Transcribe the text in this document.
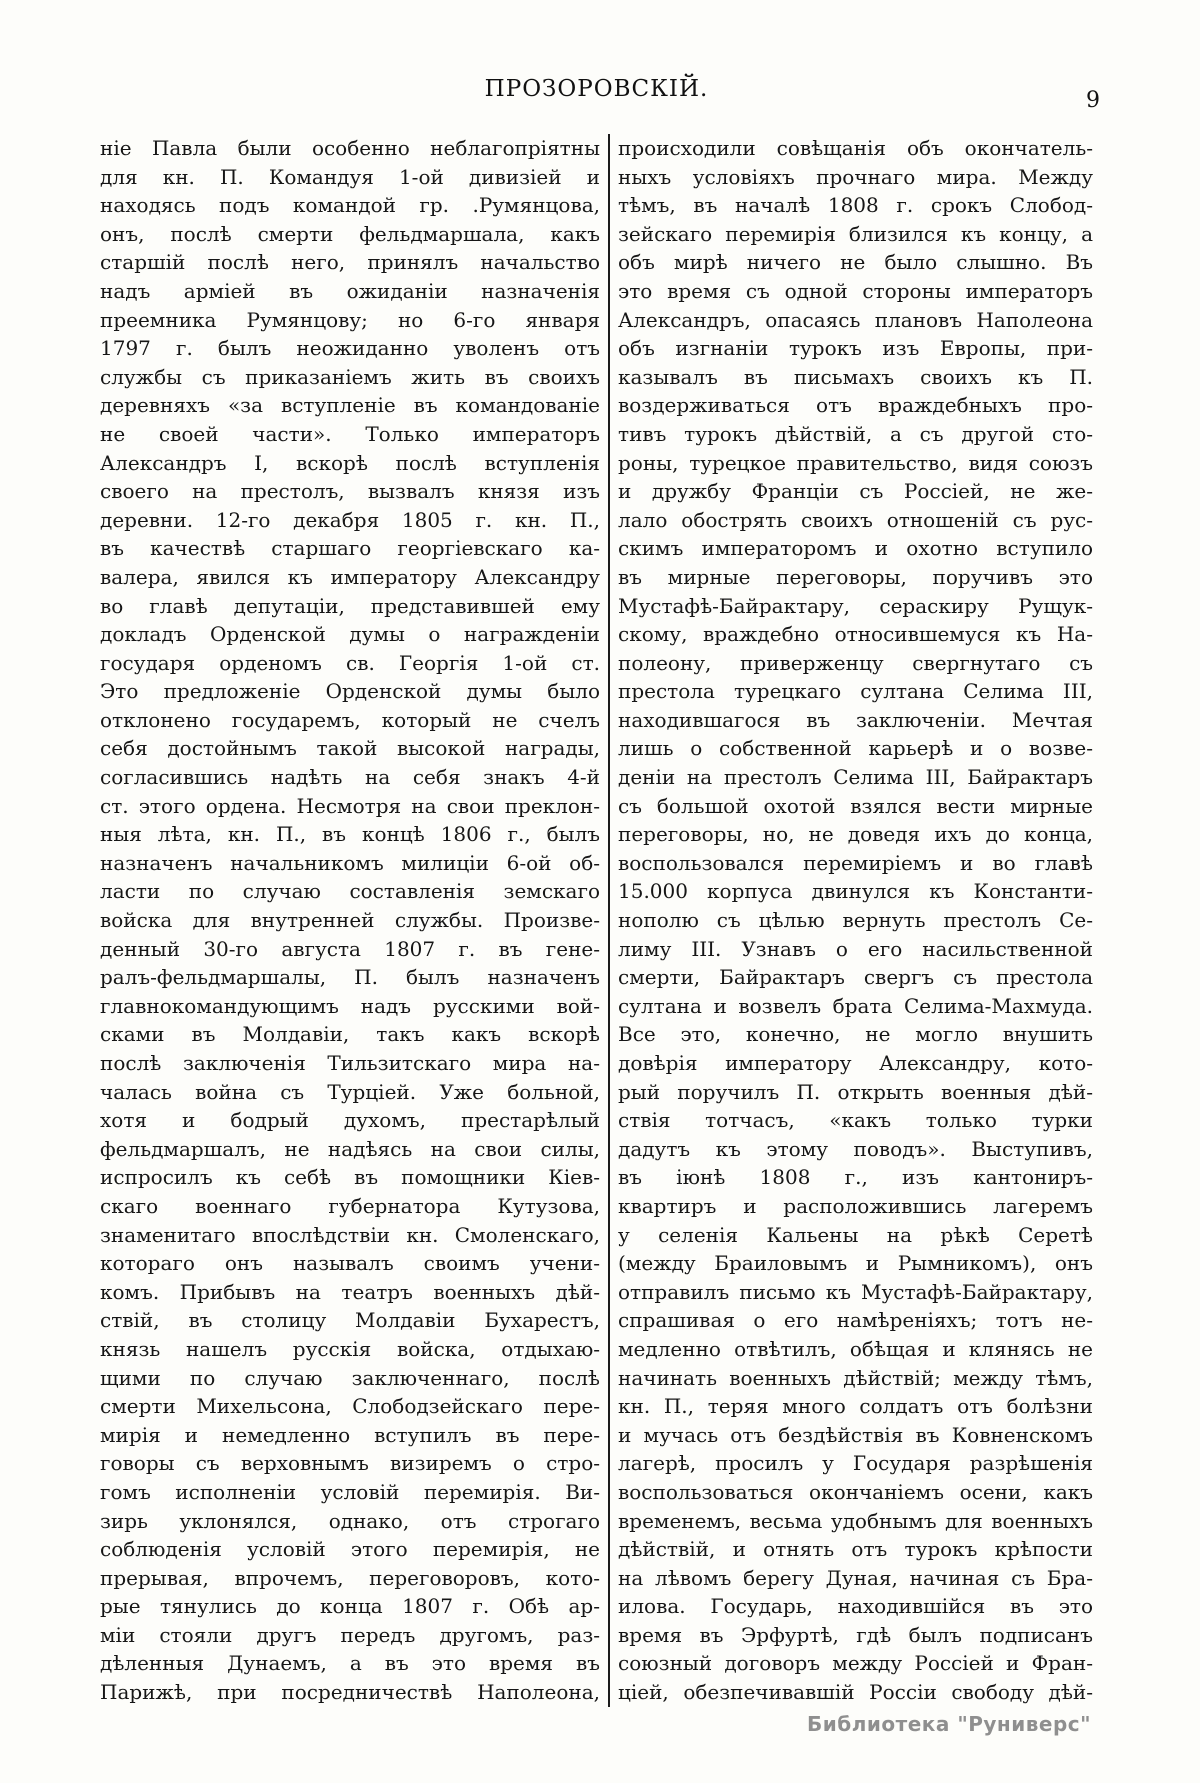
ПРОЗОРОВСКІЙ.	9
ніе Павла были особенно неблагопріятны
для кн. П. Командуя 1-ой дивизіей и
находясь подъ командой гр. .Румянцова,
онъ, послѣ смерти фельдмаршала, какъ
старшій послѣ него, принялъ начальство
надъ арміей въ ожиданіи назначенія
преемника Румянцову; но 6-го января
1797 г. былъ неожиданно уволенъ отъ
службы съ приказаніемъ жить въ своихъ
деревняхъ «за вступленіе въ командованіе
не своей части». Только императоръ
Александръ I, вскорѣ послѣ вступленія
своего на престолъ, вызвалъ князя изъ
деревни. 12-го декабря 1805 г. кн. П.,
въ качествѣ старшаго георгіевскаго ка-
валера, явился къ императору Александру
во главѣ депутаціи, представившей ему
докладъ Орденской думы о награжденіи
государя орденомъ св. Георгія 1-ой ст.
Это предложеніе Орденской думы было
отклонено государемъ, который не счелъ
себя достойнымъ такой высокой награды,
согласившись надѣть на себя знакъ 4-й
ст. этого ордена. Несмотря на свои преклон-
ныя лѣта, кн. П., въ концѣ 1806 г., былъ
назначенъ начальникомъ милиціи 6-ой об-
ласти по случаю составленія земскаго
войска для внутренней службы. Произве-
денный 30-го августа 1807 г. въ гене-
ралъ-фельдмаршалы, П. былъ назначенъ
главнокомандующимъ надъ русскими вой-
сками въ Молдавіи, такъ какъ вскорѣ
послѣ заключенія Тильзитскаго мира на-
чалась война съ Турціей. Уже больной,
хотя и бодрый духомъ, престарѣлый
фельдмаршалъ, не надѣясь на свои силы,
испросилъ къ себѣ въ помощники Кіев-
скаго военнаго губернатора Кутузова,
знаменитаго впослѣдствіи кн. Смоленскаго,
котораго онъ называлъ своимъ учени-
комъ. Прибывъ на театръ военныхъ дѣй-
ствій, въ столицу Молдавіи Бухарестъ,
князь нашелъ русскія войска, отдыхаю-
щими по случаю заключеннаго, послѣ
смерти Михельсона, Слободзейскаго пере-
мирія и немедленно вступилъ въ пере-
говоры съ верховнымъ визиремъ о стро-
гомъ исполненіи условій перемирія. Ви-
зирь уклонялся, однако, отъ строгаго
соблюденія условій этого перемирія, не
прерывая, впрочемъ, переговоровъ, кото-
рые тянулись до конца 1807 г. Обѣ ар-
міи стояли другъ передъ другомъ, раз-
дѣленныя Дунаемъ, а въ это время въ
Парижѣ, при посредничествѣ Наполеона,
происходили совѣщанія объ окончатель-
ныхъ условіяхъ прочнаго мира. Между
тѣмъ, въ началѣ 1808 г. срокъ Слобод-
зейскаго перемирія близился къ концу, а
объ мирѣ ничего не было слышно. Въ
это время съ одной стороны императоръ
Александръ, опасаясь плановъ Наполеона
объ изгнаніи турокъ изъ Европы, при-
казывалъ въ письмахъ своихъ къ П.
воздерживаться отъ враждебныхъ про-
тивъ турокъ дѣйствій, а съ другой сто-
роны, турецкое правительство, видя союзъ
и дружбу Франціи съ Россіей, не же-
лало обострять своихъ отношеній съ рус-
скимъ императоромъ и охотно вступило
въ мирные переговоры, поручивъ это
Мустафѣ-Байрактару, сераскиру Рущук-
скому, враждебно относившемуся къ На-
полеону, приверженцу свергнутаго съ
престола турецкаго султана Селима III,
находившагося въ заключеніи. Мечтая
лишь о собственной карьерѣ и о возве-
деніи на престолъ Селима III, Байрактаръ
съ большой охотой взялся вести мирные
переговоры, но, не доведя ихъ до конца,
воспользовался перемиріемъ и во главѣ
15.000 корпуса двинулся къ Константи-
нополю съ цѣлью вернуть престолъ Се-
лиму III. Узнавъ о его насильственной
смерти, Байрактаръ свергъ съ престола
султана и возвелъ брата Селима-Махмуда.
Все это, конечно, не могло внушить
довѣрія императору Александру, кото-
рый поручилъ П. открыть военныя дѣй-
ствія тотчасъ, «какъ только турки
дадутъ къ этому поводъ». Выступивъ,
въ іюнѣ 1808 г., изъ кантониръ-
квартиръ и расположившись лагеремъ
у селенія Кальены на рѣкѣ Серетѣ
(между Браиловымъ и Рымникомъ), онъ
отправилъ письмо къ Мустафѣ-Байрактару,
спрашивая о его намѣреніяхъ; тотъ не-
медленно отвѣтилъ, обѣщая и клянясь не
начинать военныхъ дѣйствій; между тѣмъ,
кн. П., теряя много солдатъ отъ болѣзни
и мучась отъ бездѣйствія въ Ковненскомъ
лагерѣ, просилъ у Государя разрѣшенія
воспользоваться окончаніемъ осени, какъ
временемъ, весьма удобнымъ для военныхъ
дѣйствій, и отнять отъ турокъ крѣпости
на лѣвомъ берегу Дуная, начиная съ Бра-
илова. Государь, находившійся въ это
время въ Эрфуртѣ, гдѣ былъ подписанъ
союзный договоръ между Россіей и Фран-
ціей, обезпечивавшій Россіи свободу дѣй-
Библиотека "Руниверс"
